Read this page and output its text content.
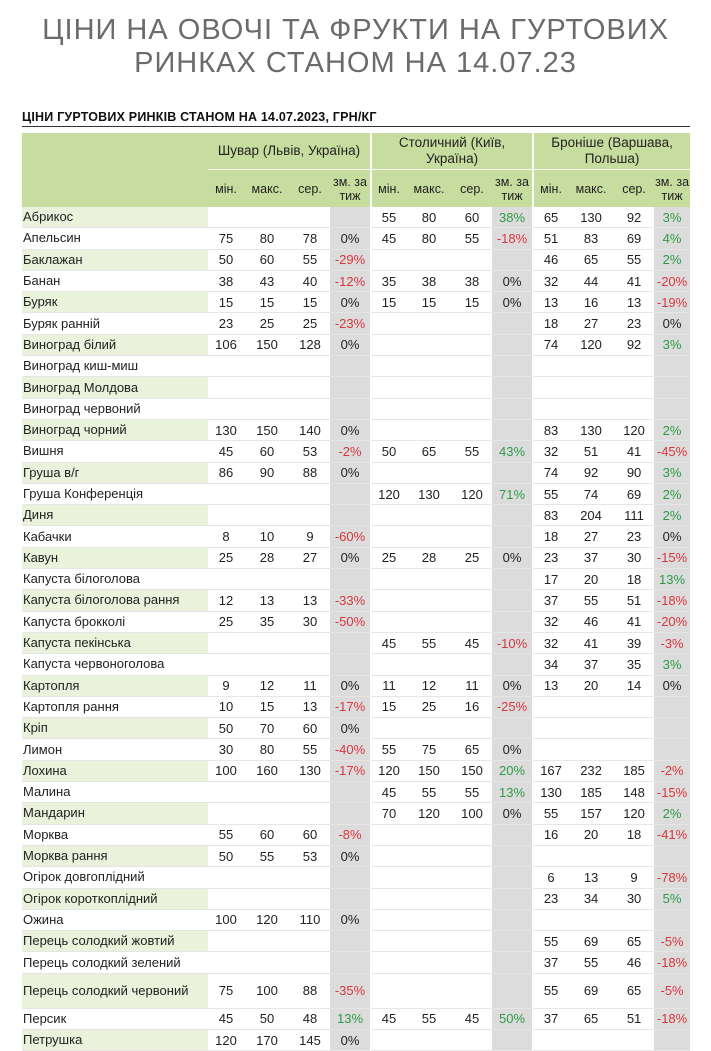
ЦІНИ НА ОВОЧІ ТА ФРУКТИ НА ГУРТОВИХ
РИНКАХ СТАНОМ НА 14.07.23
ЦІНИ ГУРТОВИХ РИНКІВ СТАНОМ НА 14.07.2023, ГРН/КГ
	Шувар (Львів, Україна)				Столичний (Київ, Україна)				Броніше (Варшава, Польша)			
	мін.	макс.	сер.	зм. за тиж	мін.	макс.	сер.	зм. за тиж	мін.	макс.	сер.	зм. за тиж
Абрикос					55	80	60	38%	65	130	92	3%
Апельсин	75	80	78	0%	45	80	55	-18%	51	83	69	4%
Баклажан	50	60	55	-29%					46	65	55	2%
Банан	38	43	40	-12%	35	38	38	0%	32	44	41	-20%
Буряк	15	15	15	0%	15	15	15	0%	13	16	13	-19%
Буряк ранній	23	25	25	-23%					18	27	23	0%
Виноград білий	106	150	128	0%					74	120	92	3%
Виноград киш-миш												
Виноград Молдова												
Виноград червоний												
Виноград чорний	130	150	140	0%					83	130	120	2%
Вишня	45	60	53	-2%	50	65	55	43%	32	51	41	-45%
Груша в/г	86	90	88	0%					74	92	90	3%
Груша Конференція					120	130	120	71%	55	74	69	2%
Диня									83	204	111	2%
Кабачки	8	10	9	-60%					18	27	23	0%
Кавун	25	28	27	0%	25	28	25	0%	23	37	30	-15%
Капуста білоголова									17	20	18	13%
Капуста білоголова рання	12	13	13	-33%					37	55	51	-18%
Капуста брокколі	25	35	30	-50%					32	46	41	-20%
Капуста пекінська					45	55	45	-10%	32	41	39	-3%
Капуста червоноголова									34	37	35	3%
Картопля	9	12	11	0%	11	12	11	0%	13	20	14	0%
Картопля рання	10	15	13	-17%	15	25	16	-25%				
Кріп	50	70	60	0%								
Лимон	30	80	55	-40%	55	75	65	0%				
Лохина	100	160	130	-17%	120	150	150	20%	167	232	185	-2%
Малина					45	55	55	13%	130	185	148	-15%
Мандарин					70	120	100	0%	55	157	120	2%
Морква	55	60	60	-8%					16	20	18	-41%
Морква рання	50	55	53	0%								
Огірок довгоплідний									6	13	9	-78%
Огірок короткоплідний									23	34	30	5%
Ожина	100	120	110	0%								
Перець солодкий жовтий									55	69	65	-5%
Перець солодкий зелений									37	55	46	-18%
Перець солодкий червоний	75	100	88	-35%					55	69	65	-5%
Персик	45	50	48	13%	45	55	45	50%	37	65	51	-18%
Петрушка	120	170	145	0%								
